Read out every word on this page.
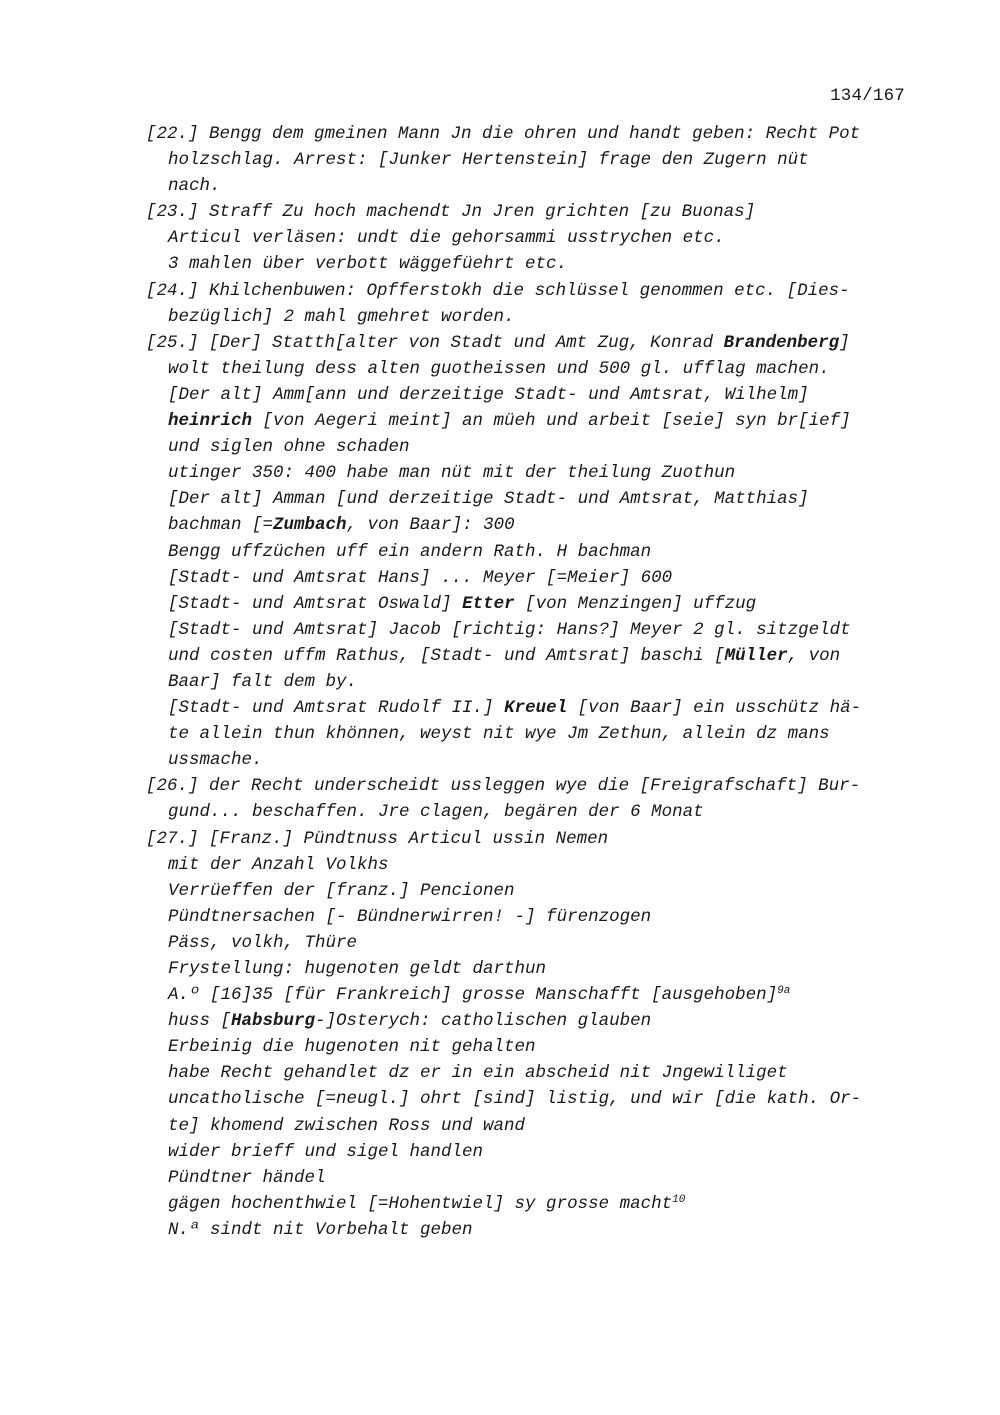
134/167
[22.] Bengg dem gmeinen Mann Jn die ohren und handt geben: Recht Pot
holzschlag. Arrest: [Junker Hertenstein] frage den Zugern nüt
nach.
[23.] Straff Zu hoch machendt Jn Jren grichten [zu Buonas]
Articul verläsen: undt die gehorsammi usstrychen etc.
3 mahlen über verbott wäggefüehrt etc.
[24.] Khilchenbuwen: Opfferstokh die schlüssel genommen etc. [Dies-
bezüglich] 2 mahl gmehret worden.
[25.] [Der] Statth[alter von Stadt und Amt Zug, Konrad Brandenberg]
wolt theilung dess alten guotheissen und 500 gl. ufflag machen.
[Der alt] Amm[ann und derzeitige Stadt- und Amtsrat, Wilhelm]
heinrich [von Aegeri meint] an müeh und arbeit [seie] syn br[ief]
und siglen ohne schaden
utinger 350: 400 habe man nüt mit der theilung Zuothun
[Der alt] Amman [und derzeitige Stadt- und Amtsrat, Matthias]
bachman [=Zumbach, von Baar]: 300
Bengg uffzüchen uff ein andern Rath. H bachman
[Stadt- und Amtsrat Hans] ... Meyer [=Meier] 600
[Stadt- und Amtsrat Oswald] Etter [von Menzingen] uffzug
[Stadt- und Amtsrat] Jacob [richtig: Hans?] Meyer 2 gl. sitzgeldt
und costen uffm Rathus, [Stadt- und Amtsrat] baschi [Müller, von
Baar] falt dem by.
[Stadt- und Amtsrat Rudolf II.] Kreuel [von Baar] ein usschütz hä-
te allein thun khönnen, weyst nit wye Jm Zethun, allein dz mans
ussmache.
[26.] der Recht underscheidt ussleggen wye die [Freigrafschaft] Bur-
gund... beschaffen. Jre clagen, begären der 6 Monat
[27.] [Franz.] Pündtnuss Articul ussin Nemen
mit der Anzahl Volkhs
Verrüeffen der [franz.] Pencionen
Pündtnersachen [- Bündnerwirren! -] fürenzogen
Päss, volkh, Thüre
Frystellung: hugenoten geldt darthun
A.º [16]35 [für Frankreich] grosse Manschafft [ausgehoben]$^{9a}$
huss [Habsburg-]Osterych: catholischen glauben
Erbeinig die hugenoten nit gehalten
habe Recht gehandlet dz er in ein abscheid nit Jngewilliget
uncatholische [=neugl.] ohrt [sind] listig, und wir [die kath. Or-
te] khomend zwischen Ross und wand
wider brieff und sigel handlen
Pündtner händel
gägen hochenthwiel [=Hohentwiel] sy grosse macht$^{10}$
N.ª sindt nit Vorbehalt geben
